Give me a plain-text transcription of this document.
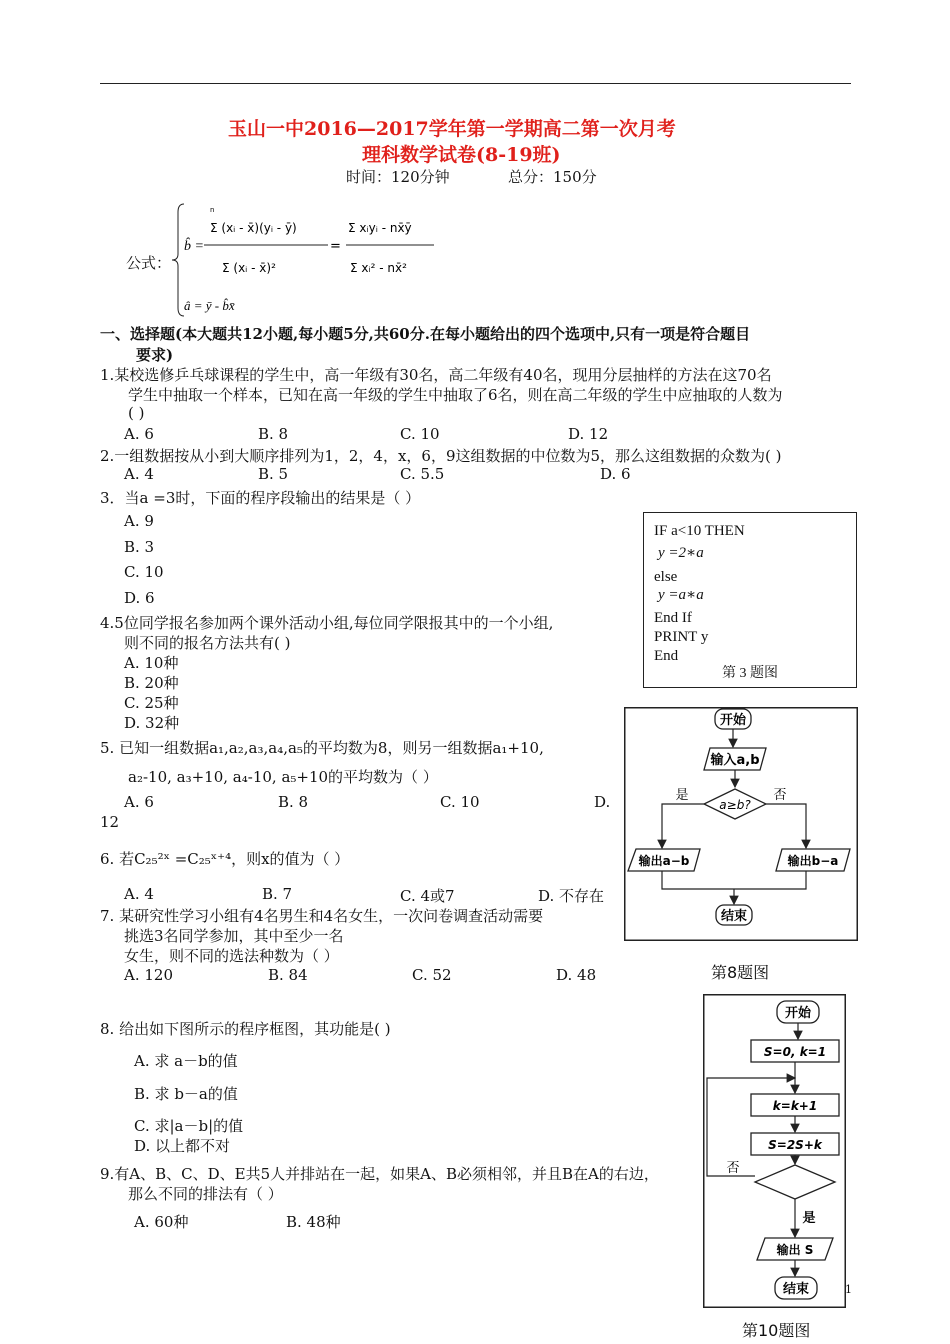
玉山一中2016—2017学年第一学期高二第一次月考
理科数学试卷(8-19班)
时间：120分钟	总分：150分
公式：
b̂ =
n
Σ (xᵢ - x̄)(yᵢ - ȳ)
Σ (xᵢ - x̄)²
=
Σ xᵢyᵢ - nx̄ȳ
Σ xᵢ² - nx̄²
â = ȳ - b̂x̄
一、选择题(本大题共12小题,每小题5分,共60分.在每小题给出的四个选项中,只有一项是符合题目
要求)
1.某校选修乒乓球课程的学生中，高一年级有30名，高二年级有40名，现用分层抽样的方法在这70名
学生中抽取一个样本，已知在高一年级的学生中抽取了6名，则在高二年级的学生中应抽取的人数为
( )
A. 6	B. 8	C. 10	D. 12
2.一组数据按从小到大顺序排列为1，2，4，x，6，9这组数据的中位数为5，那么这组数据的众数为( )
A. 4	B. 5	C. 5.5	D. 6
3．当a =3时，下面的程序段输出的结果是（ ）
A. 9
B. 3
C. 10
D. 6
IF a<10 THEN
y =2∗a
else
y =a∗a
End If
PRINT y
End
第 3 题图
4.5位同学报名参加两个课外活动小组,每位同学限报其中的一个小组,
则不同的报名方法共有( )
A. 10种
B. 20种
C. 25种
D. 32种
5. 已知一组数据a₁,a₂,a₃,a₄,a₅的平均数为8，则另一组数据a₁+10,
a₂-10, a₃+10, a₄-10, a₅+10的平均数为（ ）
A. 6	B. 8	C. 10	D.
12
6. 若C₂₅²ˣ =C₂₅ˣ⁺⁴，则x的值为（ ）
A. 4	B. 7	C. 4或7	D. 不存在
7. 某研究性学习小组有4名男生和4名女生，一次问卷调查活动需要
挑选3名同学参加，其中至少一名
女生，则不同的选法种数为（ ）
A. 120	B. 84	C. 52	D. 48
8. 给出如下图所示的程序框图，其功能是( )
A. 求 a－b的值
B. 求 b－a的值
C. 求|a－b|的值
D. 以上都不对
9.有A、B、C、D、E共5人并排站在一起，如果A、B必须相邻，并且B在A的右边，
那么不同的排法有（ ）
A. 60种	B. 48种
开始
输入a,b
a≥b?
是	否
输出a−b	输出b−a
结束
第8题图
开始
S=0, k=1
k=k+1
S=2S+k
否
是
输出 S
结束
第10题图
1
